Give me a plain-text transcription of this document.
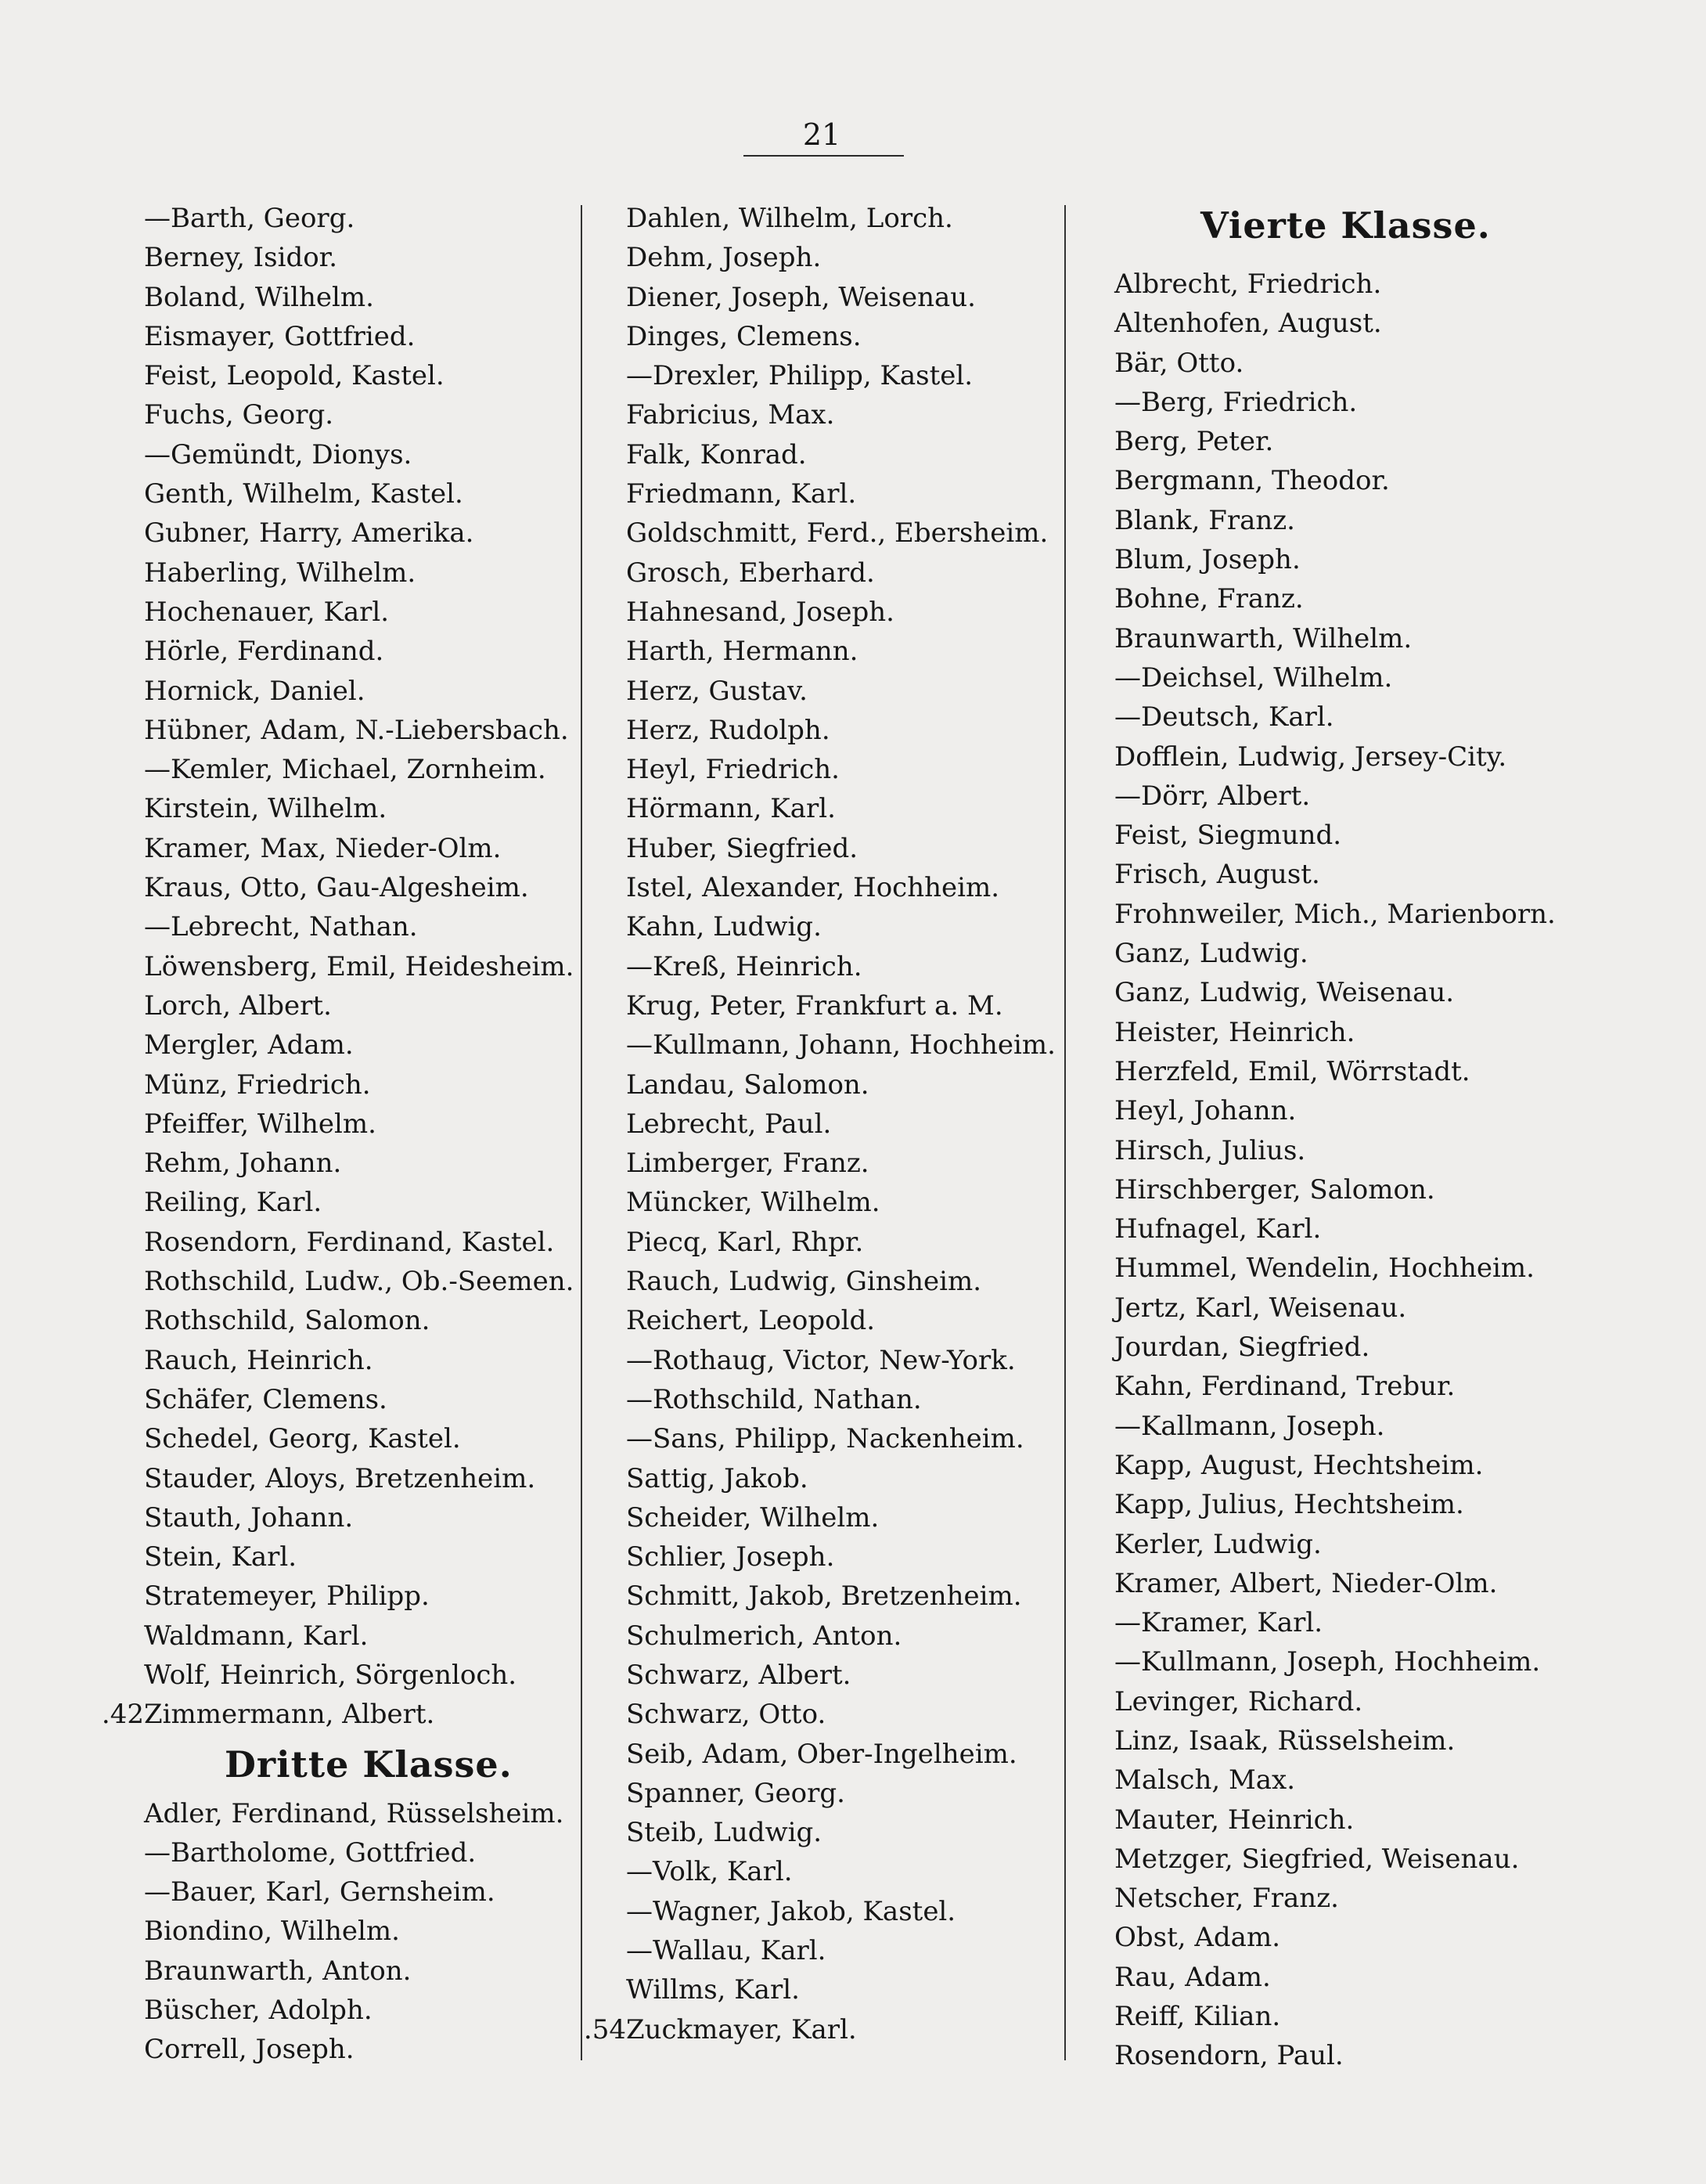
21
—Barth, Georg.
Berney, Isidor.
Boland, Wilhelm.
Eismayer, Gottfried.
Feist, Leopold, Kastel.
Fuchs, Georg.
—Gemündt, Dionys.
Genth, Wilhelm, Kastel.
Gubner, Harry, Amerika.
Haberling, Wilhelm.
Hochenauer, Karl.
Hörle, Ferdinand.
Hornick, Daniel.
Hübner, Adam, N.-Liebersbach.
—Kemler, Michael, Zornheim.
Kirstein, Wilhelm.
Kramer, Max, Nieder-Olm.
Kraus, Otto, Gau-Algesheim.
—Lebrecht, Nathan.
Löwensberg, Emil, Heidesheim.
Lorch, Albert.
Mergler, Adam.
Münz, Friedrich.
Pfeiffer, Wilhelm.
Rehm, Johann.
Reiling, Karl.
Rosendorn, Ferdinand, Kastel.
Rothschild, Ludw., Ob.-Seemen.
Rothschild, Salomon.
Rauch, Heinrich.
Schäfer, Clemens.
Schedel, Georg, Kastel.
Stauder, Aloys, Bretzenheim.
Stauth, Johann.
Stein, Karl.
Stratemeyer, Philipp.
Waldmann, Karl.
Wolf, Heinrich, Sörgenloch.
42. Zimmermann, Albert.
Dritte Klasse.
Adler, Ferdinand, Rüsselsheim.
—Bartholome, Gottfried.
—Bauer, Karl, Gernsheim.
Biondino, Wilhelm.
Braunwarth, Anton.
Büscher, Adolph.
Correll, Joseph.
Dahlen, Wilhelm, Lorch.
Dehm, Joseph.
Diener, Joseph, Weisenau.
Dinges, Clemens.
—Drexler, Philipp, Kastel.
Fabricius, Max.
Falk, Konrad.
Friedmann, Karl.
Goldschmitt, Ferd., Ebersheim.
Grosch, Eberhard.
Hahnesand, Joseph.
Harth, Hermann.
Herz, Gustav.
Herz, Rudolph.
Heyl, Friedrich.
Hörmann, Karl.
Huber, Siegfried.
Istel, Alexander, Hochheim.
Kahn, Ludwig.
—Kreß, Heinrich.
Krug, Peter, Frankfurt a. M.
—Kullmann, Johann, Hochheim.
Landau, Salomon.
Lebrecht, Paul.
Limberger, Franz.
Müncker, Wilhelm.
Piecq, Karl, Rhpr.
Rauch, Ludwig, Ginsheim.
Reichert, Leopold.
—Rothaug, Victor, New-York.
—Rothschild, Nathan.
—Sans, Philipp, Nackenheim.
Sattig, Jakob.
Scheider, Wilhelm.
Schlier, Joseph.
Schmitt, Jakob, Bretzenheim.
Schulmerich, Anton.
Schwarz, Albert.
Schwarz, Otto.
Seib, Adam, Ober-Ingelheim.
Spanner, Georg.
Steib, Ludwig.
—Volk, Karl.
—Wagner, Jakob, Kastel.
—Wallau, Karl.
Willms, Karl.
54. Zuckmayer, Karl.
Vierte Klasse.
Albrecht, Friedrich.
Altenhofen, August.
Bär, Otto.
—Berg, Friedrich.
Berg, Peter.
Bergmann, Theodor.
Blank, Franz.
Blum, Joseph.
Bohne, Franz.
Braunwarth, Wilhelm.
—Deichsel, Wilhelm.
—Deutsch, Karl.
Dofflein, Ludwig, Jersey-City.
—Dörr, Albert.
Feist, Siegmund.
Frisch, August.
Frohnweiler, Mich., Marienborn.
Ganz, Ludwig.
Ganz, Ludwig, Weisenau.
Heister, Heinrich.
Herzfeld, Emil, Wörrstadt.
Heyl, Johann.
Hirsch, Julius.
Hirschberger, Salomon.
Hufnagel, Karl.
Hummel, Wendelin, Hochheim.
Jertz, Karl, Weisenau.
Jourdan, Siegfried.
Kahn, Ferdinand, Trebur.
—Kallmann, Joseph.
Kapp, August, Hechtsheim.
Kapp, Julius, Hechtsheim.
Kerler, Ludwig.
Kramer, Albert, Nieder-Olm.
—Kramer, Karl.
—Kullmann, Joseph, Hochheim.
Levinger, Richard.
Linz, Isaak, Rüsselsheim.
Malsch, Max.
Mauter, Heinrich.
Metzger, Siegfried, Weisenau.
Netscher, Franz.
Obst, Adam.
Rau, Adam.
Reiff, Kilian.
Rosendorn, Paul.
